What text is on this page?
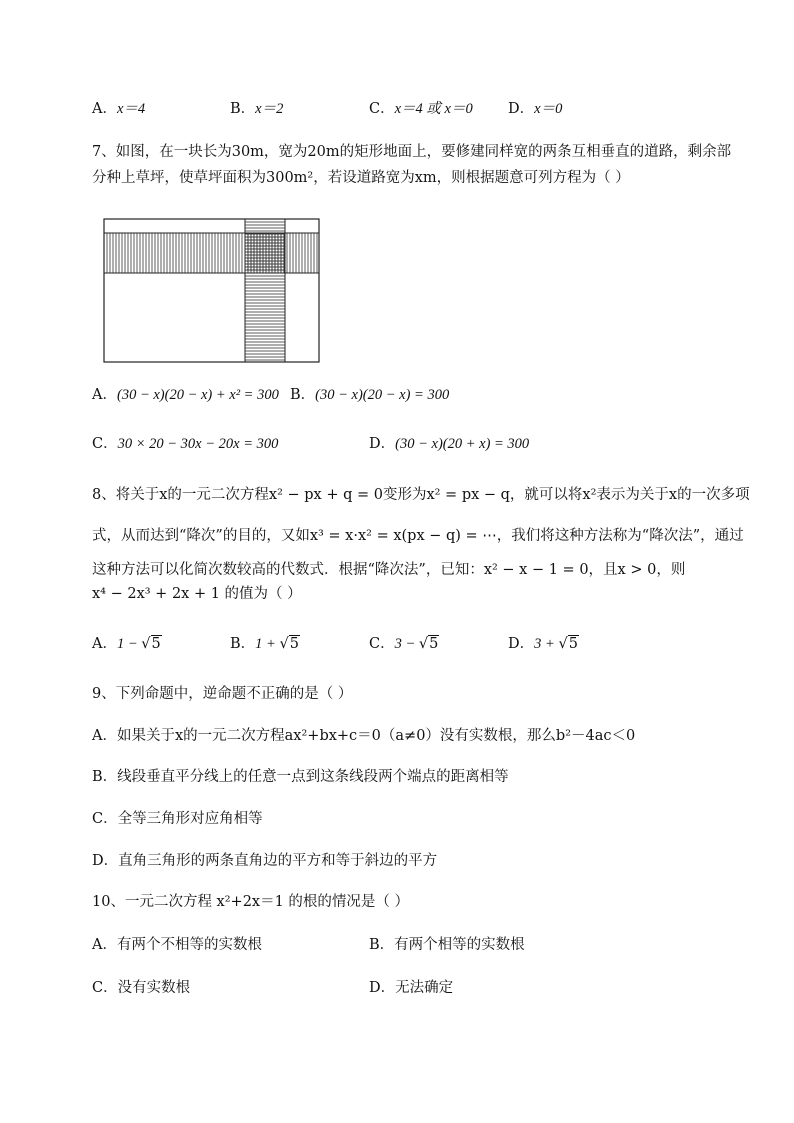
A．x＝4	B．x＝2	C．x＝4 或 x＝0 D．x＝0
7、如图，在一块长为30m，宽为20m的矩形地面上，要修建同样宽的两条互相垂直的道路，剩余部
分种上草坪，使草坪面积为300m²，若设道路宽为xm，则根据题意可列方程为（ ）
A．(30 − x)(20 − x) + x² = 300 B．(30 − x)(20 − x) = 300
C．30 × 20 − 30x − 20x = 300	D．(30 − x)(20 + x) = 300
8、将关于x的一元二次方程x² − px + q = 0变形为x² = px − q，就可以将x²表示为关于x的一次多项
式，从而达到“降次”的目的，又如x³ = x·x² = x(px − q) = ⋯，我们将这种方法称为“降次法”，通过
这种方法可以化简次数较高的代数式．根据“降次法”，已知：x² − x − 1 = 0，且x > 0，则
x⁴ − 2x³ + 2x + 1 的值为（ ）
A．1 − √5	B．1 + √5	C．3 − √5	D．3 + √5
9、下列命题中，逆命题不正确的是（ ）
A．如果关于x的一元二次方程ax²+bx+c＝0（a≠0）没有实数根，那么b²－4ac＜0
B．线段垂直平分线上的任意一点到这条线段两个端点的距离相等
C．全等三角形对应角相等
D．直角三角形的两条直角边的平方和等于斜边的平方
10、一元二次方程 x²+2x＝1 的根的情况是（ ）
A．有两个不相等的实数根	B．有两个相等的实数根
C．没有实数根	D．无法确定
